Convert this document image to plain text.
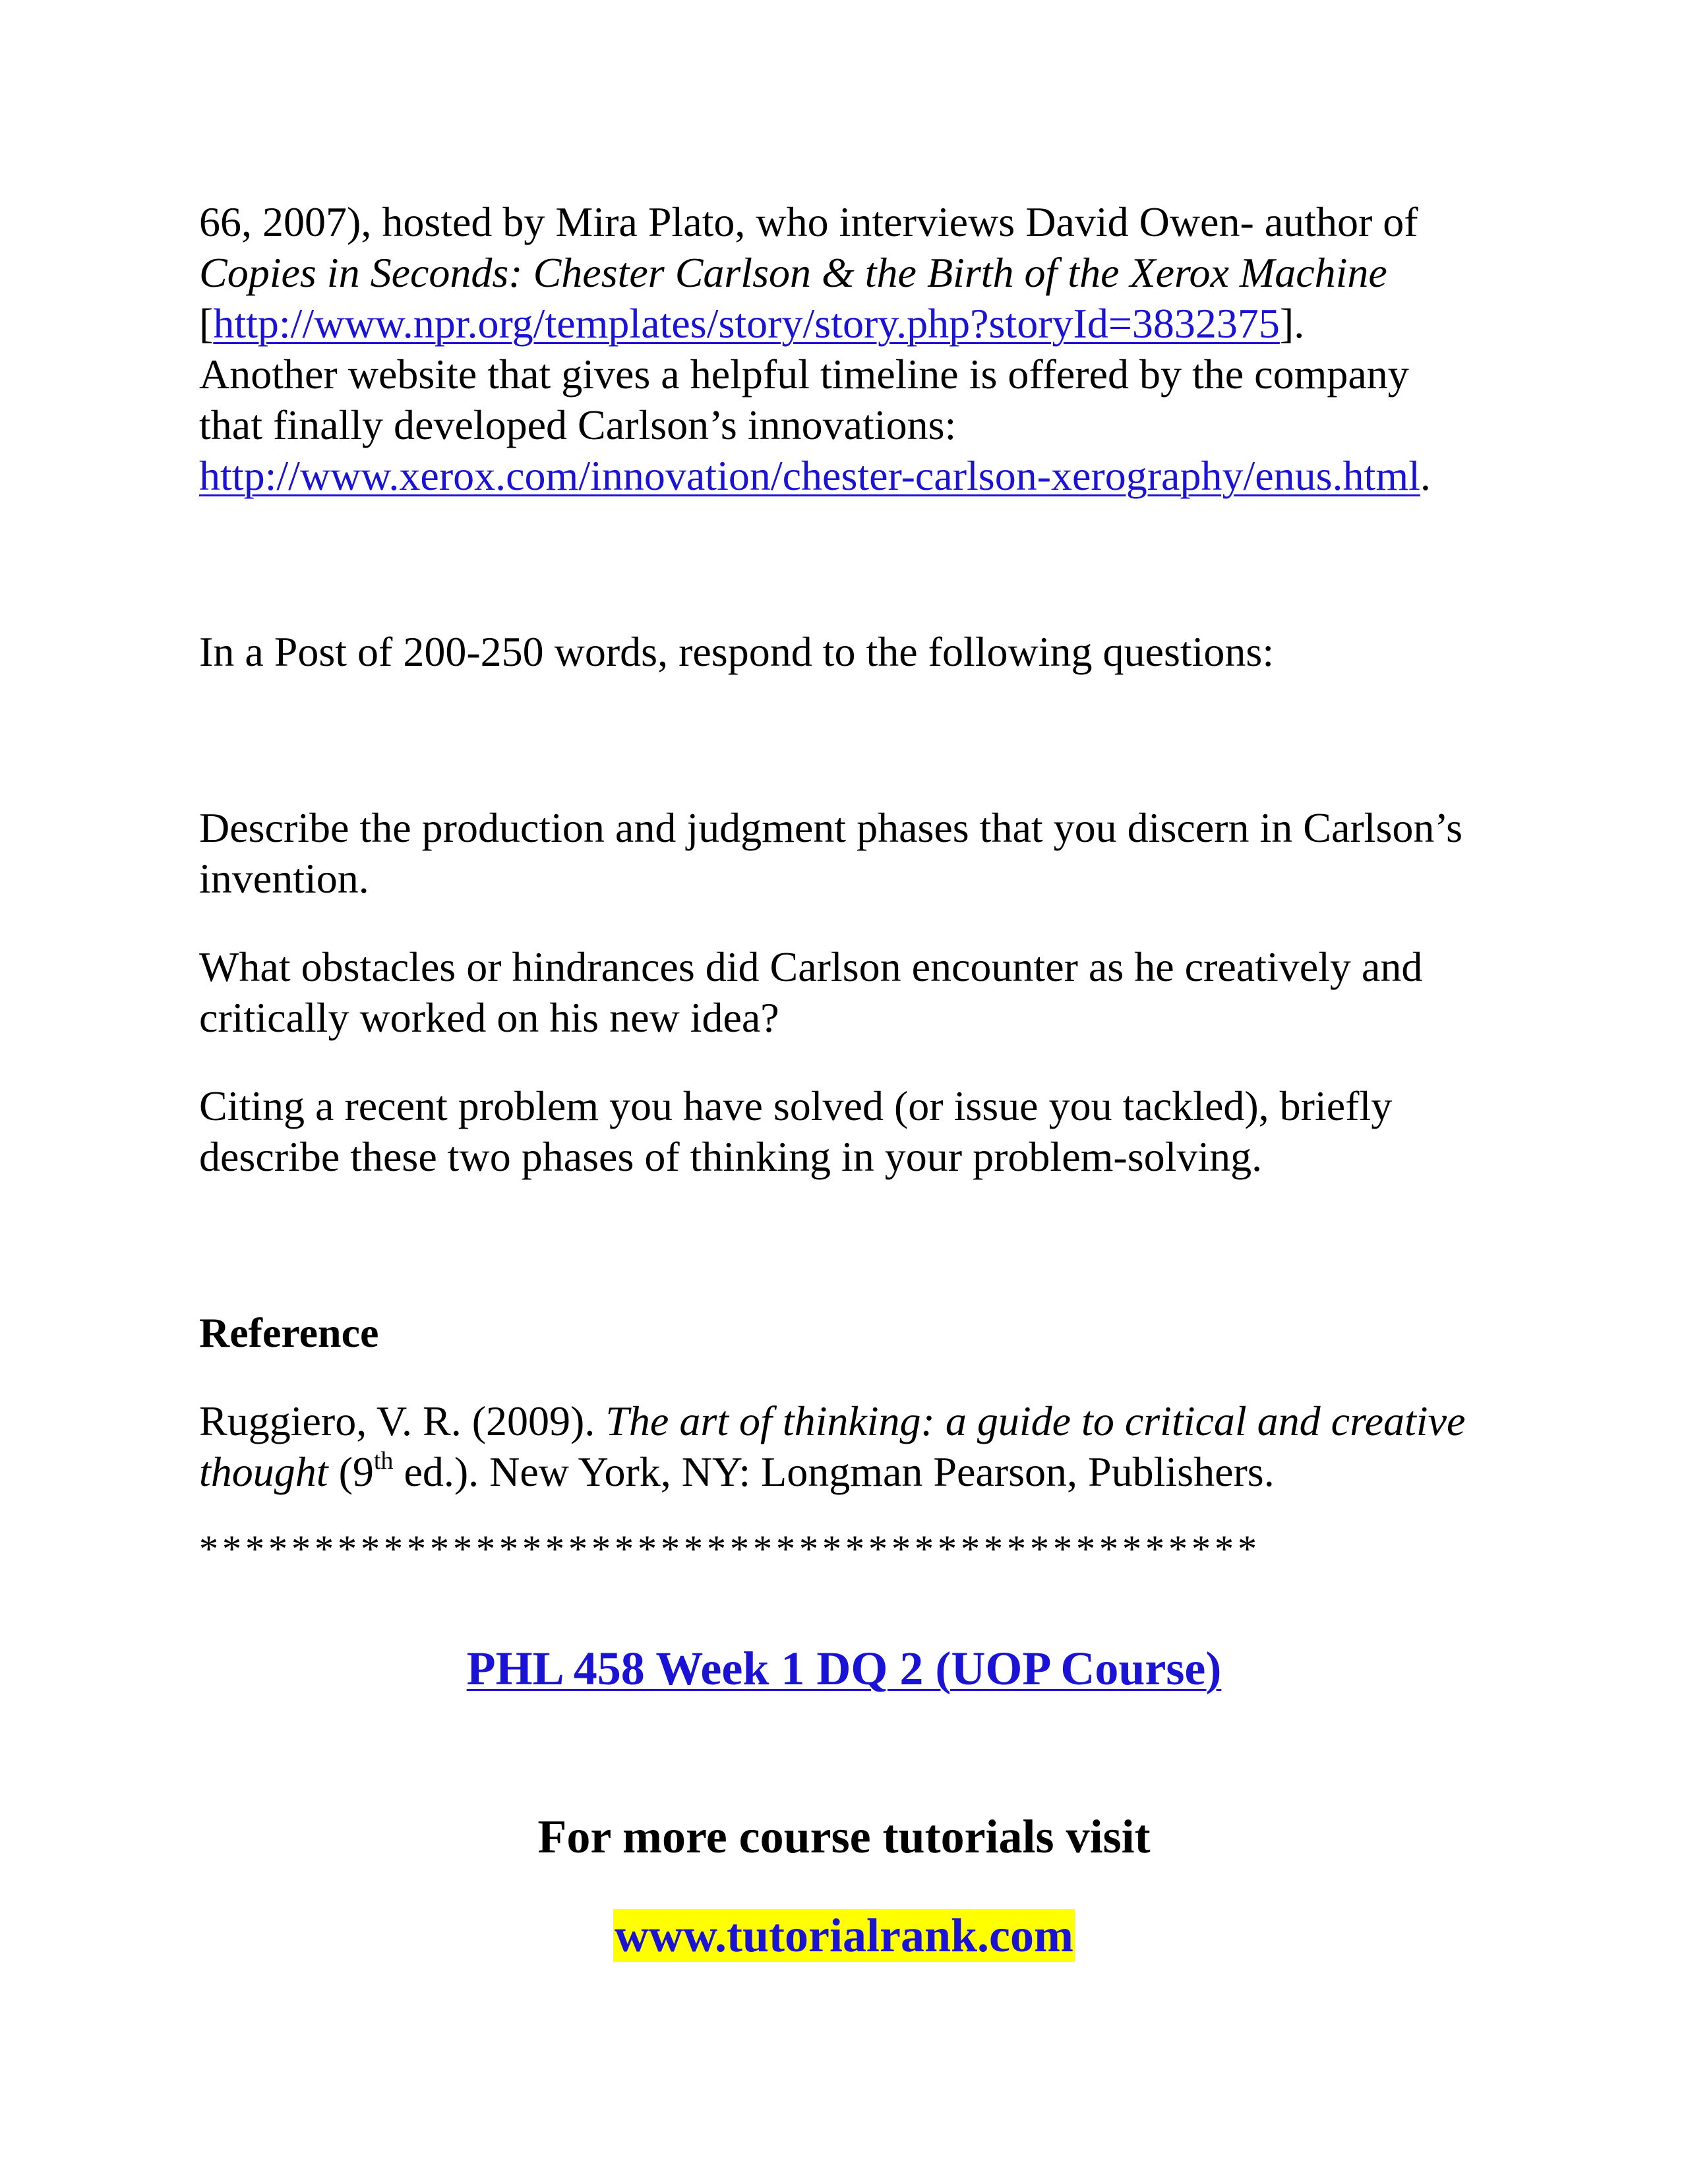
66, 2007), hosted by Mira Plato, who interviews David Owen- author of
Copies in Seconds: Chester Carlson & the Birth of the Xerox Machine
[http://www.npr.org/templates/story/story.php?storyId=3832375].
Another website that gives a helpful timeline is offered by the company
that finally developed Carlson’s innovations:
http://www.xerox.com/innovation/chester-carlson-xerography/enus.html.

In a Post of 200-250 words, respond to the following questions:

Describe the production and judgment phases that you discern in Carlson’s invention.

What obstacles or hindrances did Carlson encounter as he creatively and critically worked on his new idea?

Citing a recent problem you have solved (or issue you tackled), briefly describe these two phases of thinking in your problem-solving.

Reference

Ruggiero, V. R. (2009). The art of thinking: a guide to critical and creative thought (9th ed.). New York, NY: Longman Pearson, Publishers.

**********************************************

PHL 458 Week 1 DQ 2 (UOP Course)
For more course tutorials visit
www.tutorialrank.com
